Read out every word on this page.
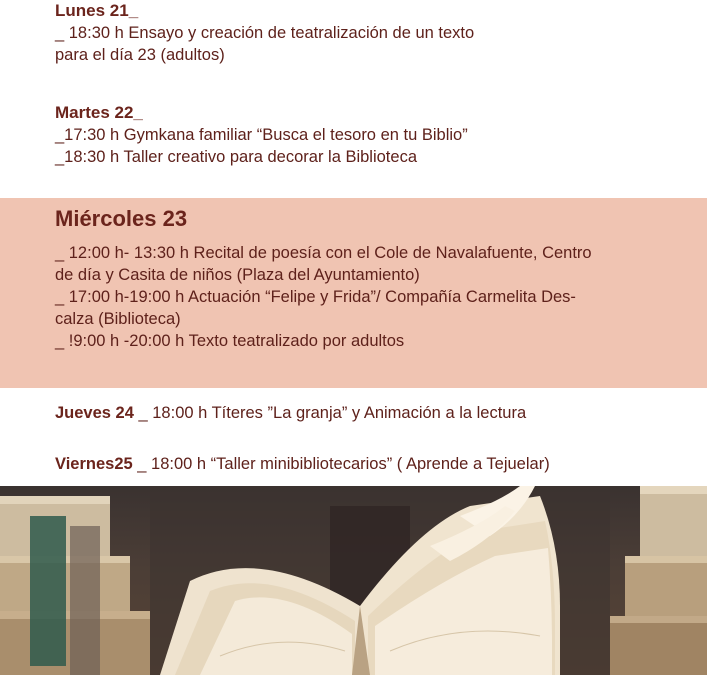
Lunes 21_
_ 18:30 h Ensayo y creación de teatralización de un texto
para el día 23 (adultos)
Martes 22_
_17:30 h Gymkana familiar “Busca el tesoro en tu Biblio”
_18:30 h Taller creativo para decorar la Biblioteca
Miércoles 23
_ 12:00 h- 13:30 h Recital de poesía con el Cole de Navalafuente, Centro
de día y Casita de niños (Plaza del Ayuntamiento)
_ 17:00 h-19:00 h Actuación “Felipe y Frida”/ Compañía Carmelita Des-
calza (Biblioteca)
_ !9:00 h -20:00 h Texto teatralizado por adultos
Jueves 24 _ 18:00 h Títeres ”La granja” y Animación a la lectura
Viernes25 _ 18:00 h “Taller minibibliotecarios” ( Aprende a Tejuelar)
